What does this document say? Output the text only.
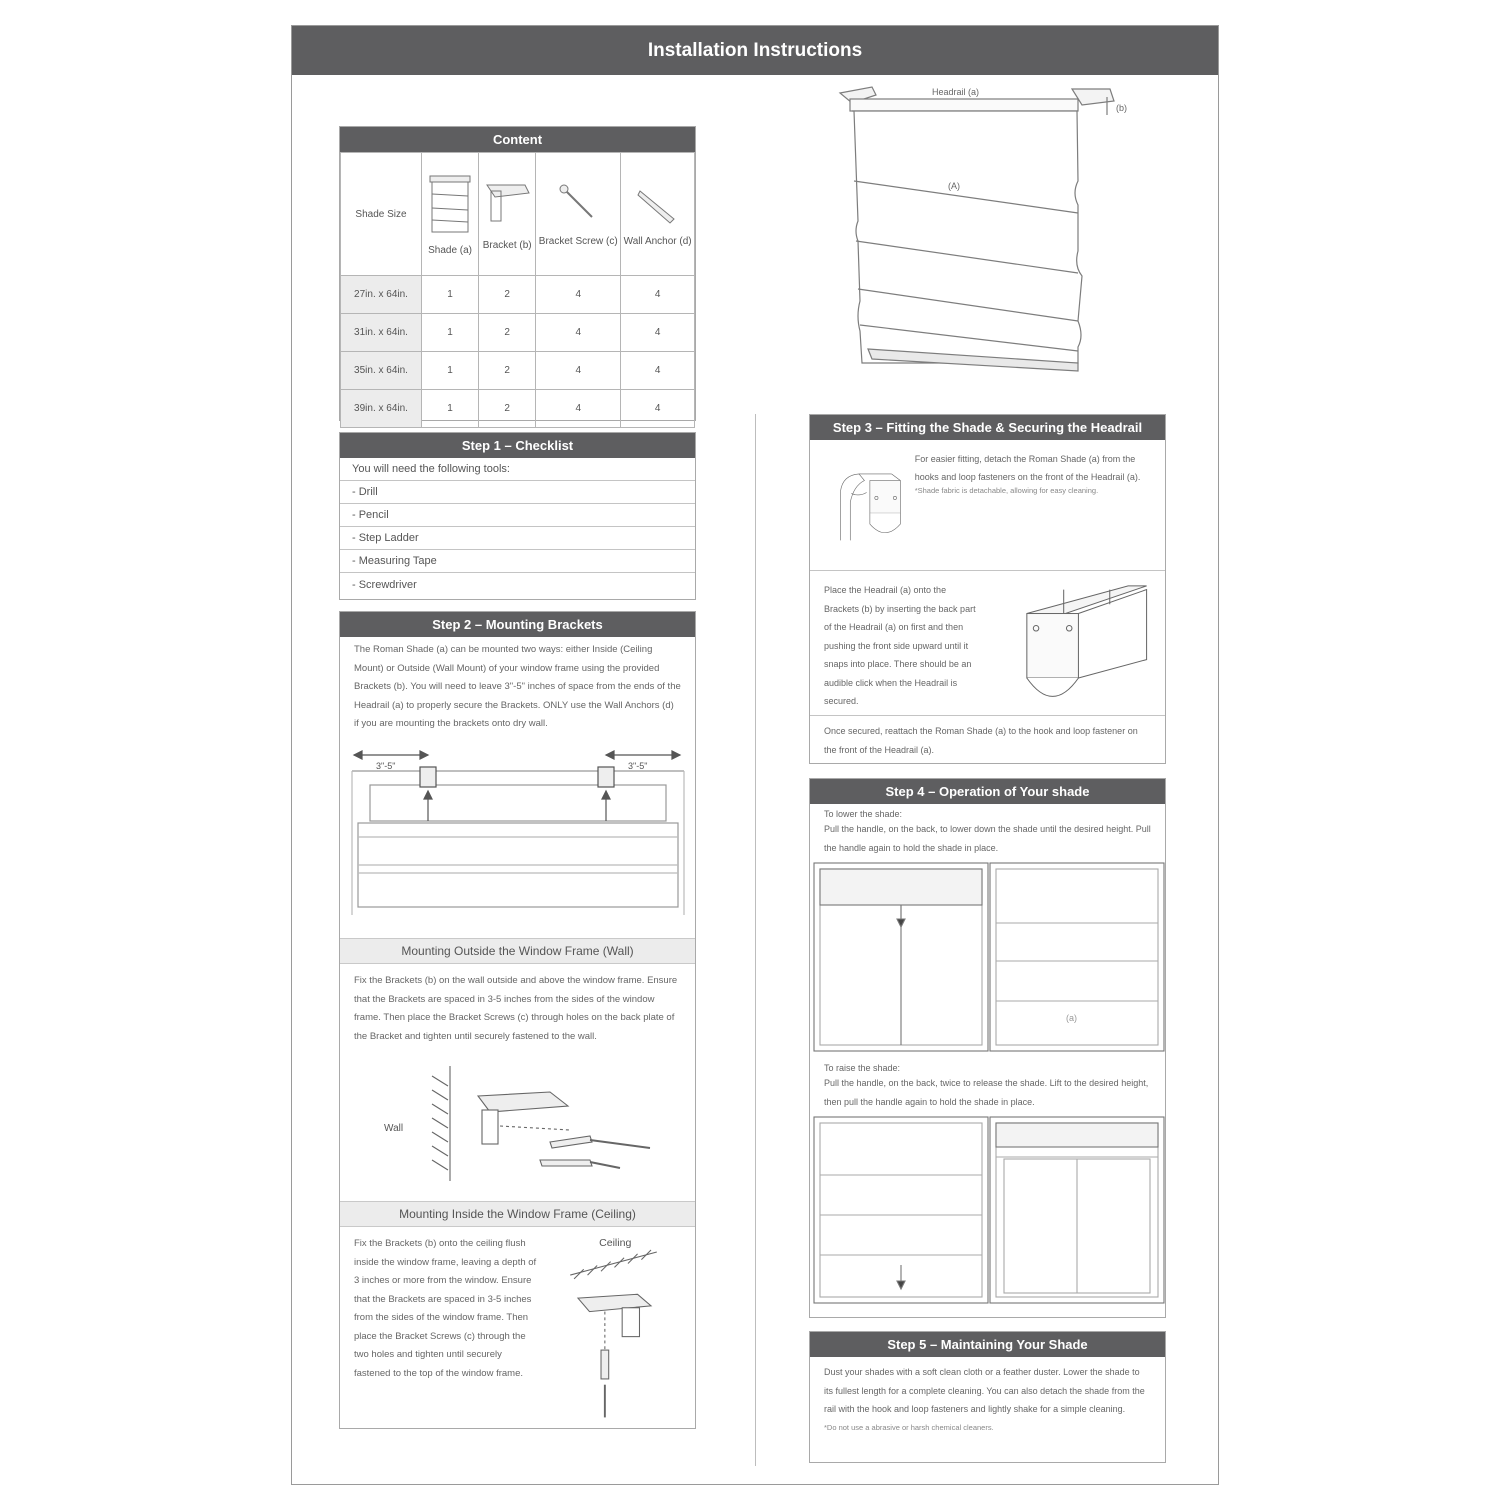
Installation Instructions
Headrail (a)
(b)
(A)
Content
Shade Size	Shade (a)	Bracket (b)	Bracket Screw (c)	Wall Anchor (d)
27in. x 64in.	1	2	4	4
31in. x 64in.	1	2	4	4
35in. x 64in.	1	2	4	4
39in. x 64in.	1	2	4	4
Step 1 – Checklist
You will need the following tools:
- Drill
- Pencil
- Step Ladder
- Measuring Tape
- Screwdriver
Step 2 – Mounting Brackets
The Roman Shade (a) can be mounted two ways: either Inside (Ceiling Mount) or Outside (Wall Mount) of your window frame using the provided Brackets (b). You will need to leave 3"-5" inches of space from the ends of the Headrail (a) to properly secure the Brackets. ONLY use the Wall Anchors (d) if you are mounting the brackets onto dry wall.
3"-5"	3"-5"
Mounting Outside the Window Frame (Wall)
Fix the Brackets (b) on the wall outside and above the window frame. Ensure that the Brackets are spaced in 3-5 inches from the sides of the window frame. Then place the Bracket Screws (c) through holes on the back plate of the Bracket and tighten until securely fastened to the wall.
Wall
Mounting Inside the Window Frame (Ceiling)
Fix the Brackets (b) onto the ceiling flush inside the window frame, leaving a depth of 3 inches or more from the window. Ensure that the Brackets are spaced in 3-5 inches from the sides of the window frame. Then place the Bracket Screws (c) through the two holes and tighten until securely fastened to the top of the window frame.
Ceiling
Step 3 – Fitting the Shade & Securing the Headrail
For easier fitting, detach the Roman Shade (a) from the hooks and loop fasteners on the front of the Headrail (a).
*Shade fabric is detachable, allowing for easy cleaning.
Place the Headrail (a) onto the Brackets (b) by inserting the back part of the Headrail (a) on first and then pushing the front side upward until it snaps into place. There should be an audible click when the Headrail is secured.
Once secured, reattach the Roman Shade (a) to the hook and loop fastener on the front of the Headrail (a).
Step 4 – Operation of Your shade
To lower the shade:
Pull the handle, on the back, to lower down the shade until the desired height. Pull the handle again to hold the shade in place.
(a)
To raise the shade:
Pull the handle, on the back, twice to release the shade. Lift to the desired height, then pull the handle again to hold the shade in place.
Step 5 – Maintaining Your Shade
Dust your shades with a soft clean cloth or a feather duster. Lower the shade to its fullest length for a complete cleaning. You can also detach the shade from the rail with the hook and loop fasteners and lightly shake for a simple cleaning.
*Do not use a abrasive or harsh chemical cleaners.
